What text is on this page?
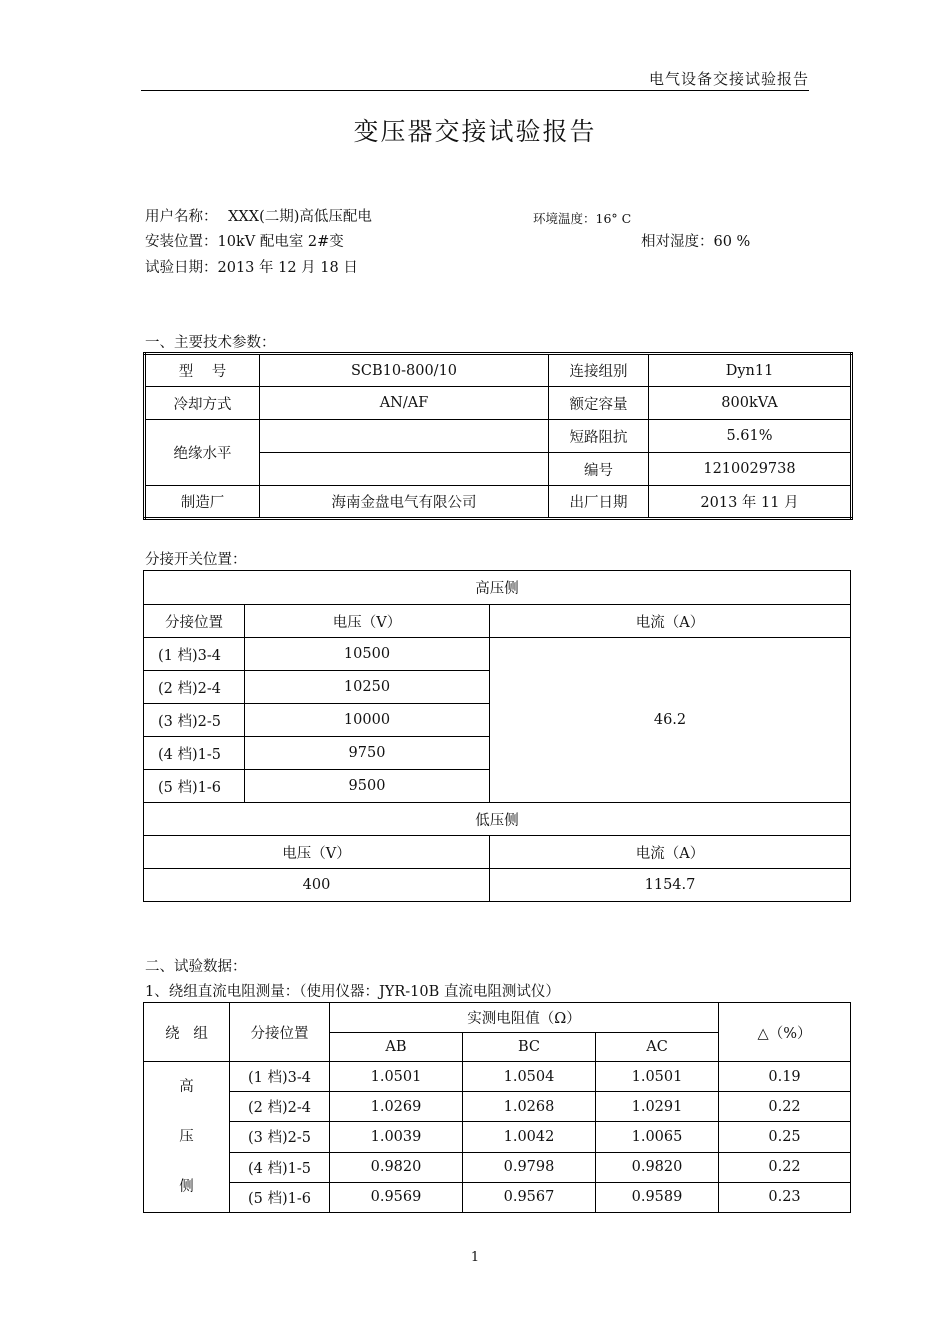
电气设备交接试验报告
变压器交接试验报告
用户名称： XXX(二期)高低压配电	环境温度：16° C
安装位置：10kV 配电室 2#变	相对湿度：60 %
试验日期：2013 年 12 月 18 日
一、主要技术参数：
型    号	SCB10-800/10	连接组别	Dyn11
冷却方式	AN/AF	额定容量	800kVA
绝缘水平		短路阻抗	5.61%
		编号	1210029738
制造厂	海南金盘电气有限公司	出厂日期	2013 年 11 月
分接开关位置：
高压侧		
分接位置	电压（V）	电流（A）
(1 档)3-4	10500	46.2
(2 档)2-4	10250	
(3 档)2-5	10000	
(4 档)1-5	9750	
(5 档)1-6	9500	
低压侧		
电压（V）		电流（A）
400		1154.7
二、试验数据：
1、绕组直流电阻测量：（使用仪器：JYR-10B 直流电阻测试仪）
绕   组	分接位置	实测电阻值（Ω）			△（%）
		AB	BC	AC	

高
压
侧	(1 档)3-4	1.0501	1.0504	1.0501	0.19
	(2 档)2-4	1.0269	1.0268	1.0291	0.22
	(3 档)2-5	1.0039	1.0042	1.0065	0.25
	(4 档)1-5	0.9820	0.9798	0.9820	0.22
	(5 档)1-6	0.9569	0.9567	0.9589	0.23
1
